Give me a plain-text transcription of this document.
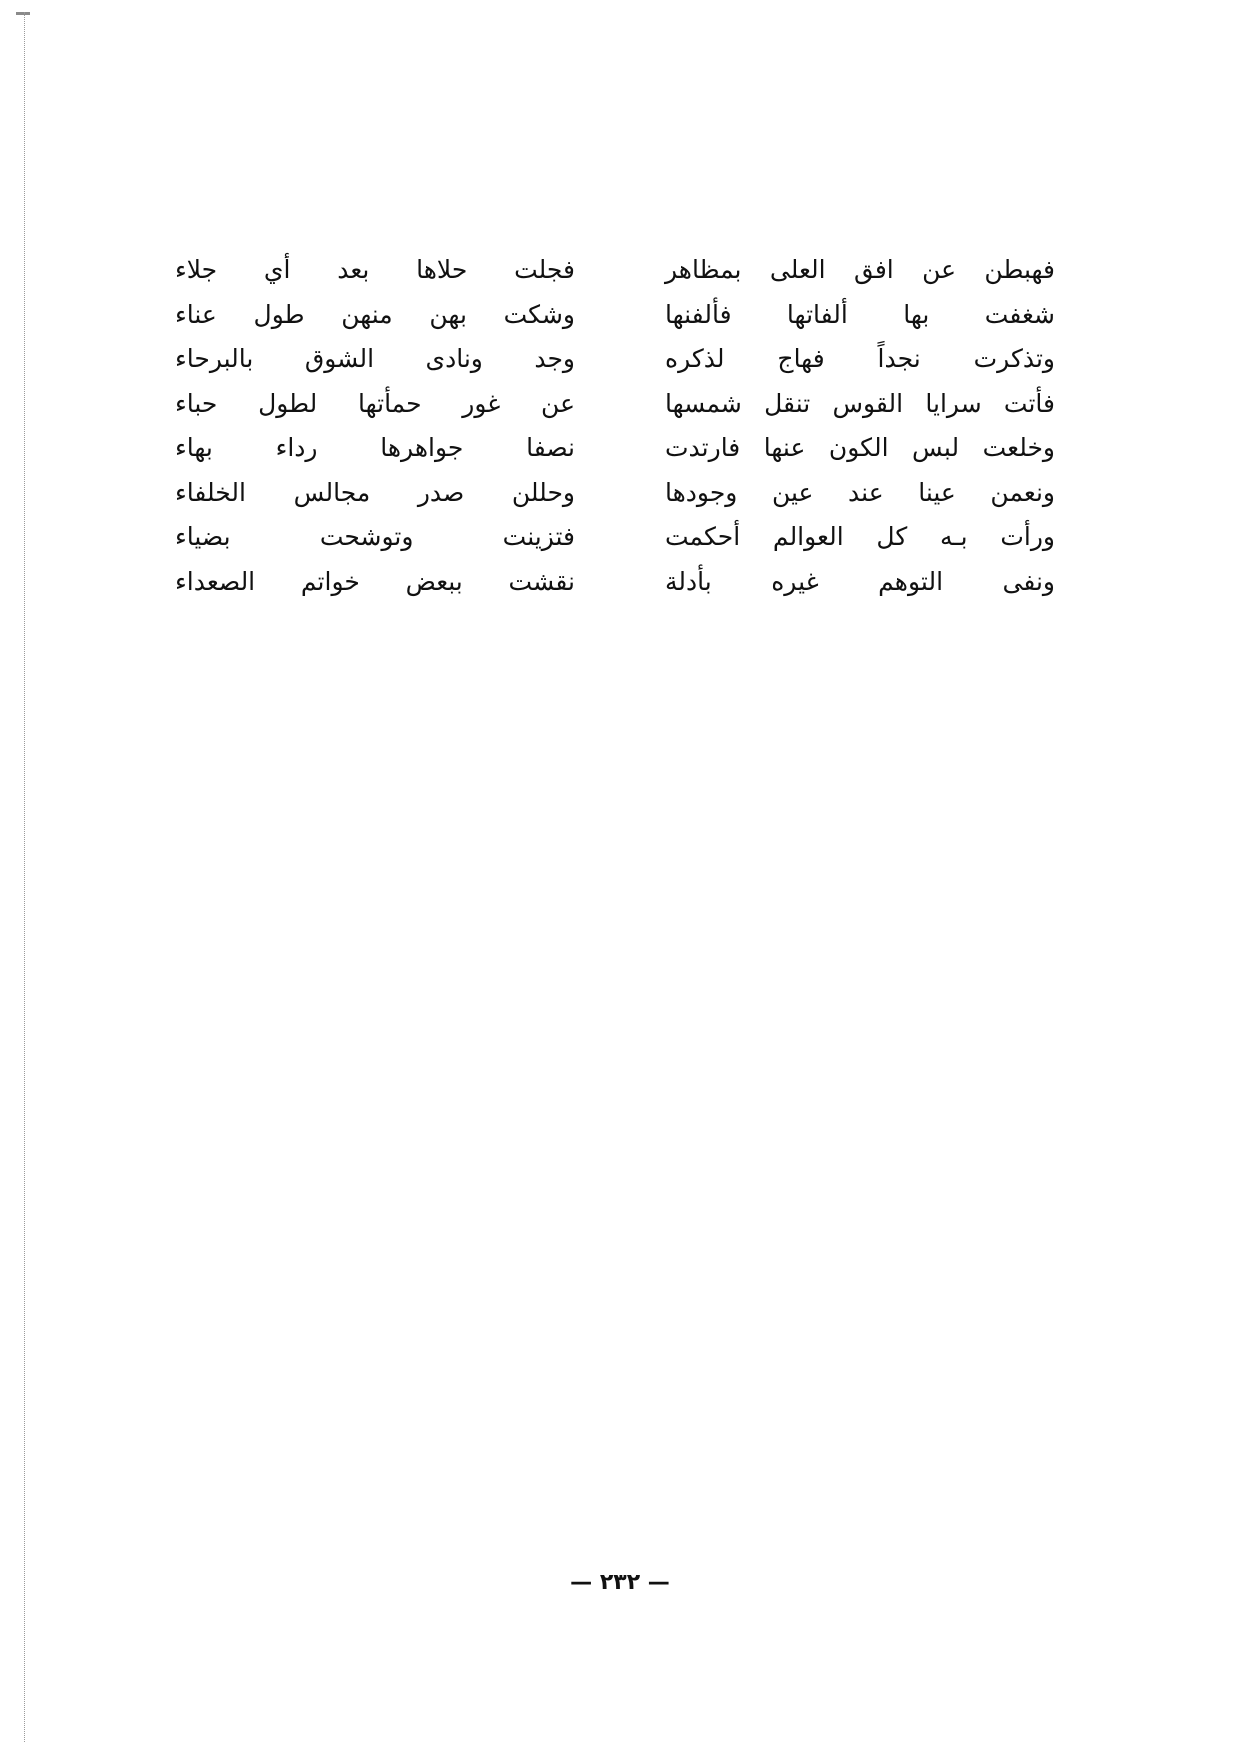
فهبطن عن افق العلى بمظاهر
شغفت بها ألفاتها فألفنها
وتذكرت نجداً فهاج لذكره
فأتت سرايا القوس تنقل شمسها
وخلعت لبس الكون عنها فارتدت
ونعمن عينا عند عين وجودها
ورأت بـه كل العوالم أحكمت
ونفى التوهم غيره بأدلة
فجلت حلاها بعد أي جلاء
وشكت بهن منهن طول عناء
وجد ونادى الشوق بالبرحاء
عن غور حمأتها لطول حباء
نصفا جواهرها رداء بهاء
وحللن صدر مجالس الخلفاء
فتزينت وتوشحت بضياء
نقشت ببعض خواتم الصعداء
— ٢٣٢ —
